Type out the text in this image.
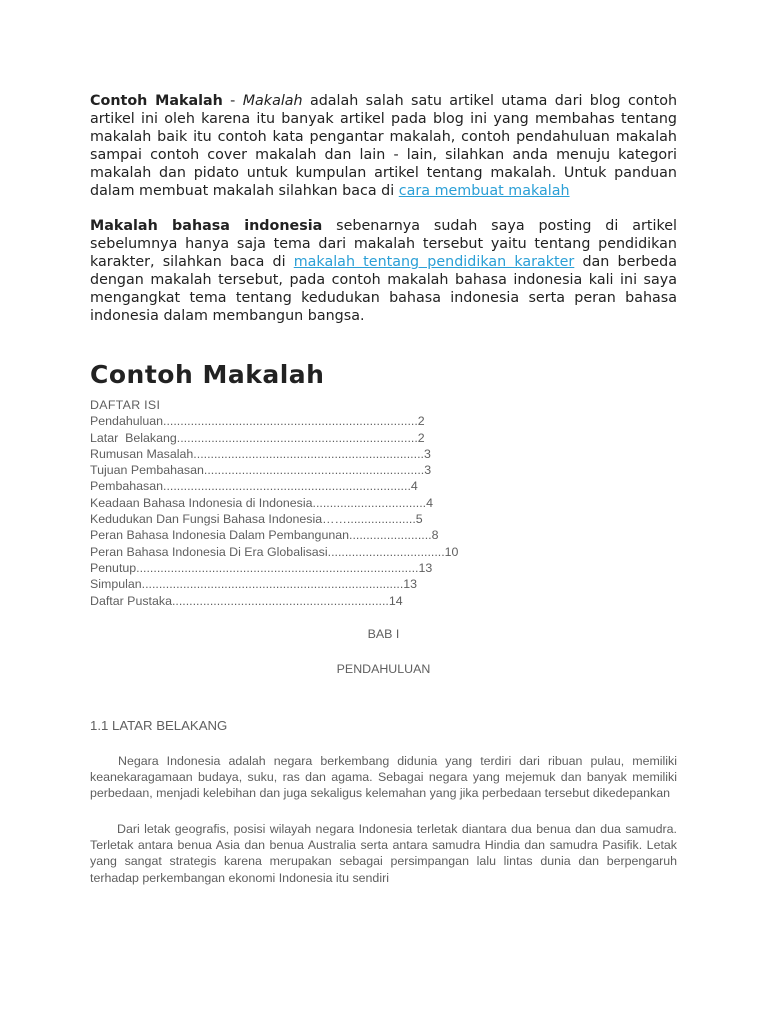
Contoh Makalah - Makalah adalah salah satu artikel utama dari blog contoh artikel ini oleh karena itu banyak artikel pada blog ini yang membahas tentang makalah baik itu contoh kata pengantar makalah, contoh pendahuluan makalah sampai contoh cover makalah dan lain - lain, silahkan anda menuju kategori makalah dan pidato untuk kumpulan artikel tentang makalah. Untuk panduan dalam membuat makalah silahkan baca di cara membuat makalah

Makalah bahasa indonesia sebenarnya sudah saya posting di artikel sebelumnya hanya saja tema dari makalah tersebut yaitu tentang pendidikan karakter, silahkan baca di makalah tentang pendidikan karakter dan berbeda dengan makalah tersebut, pada contoh makalah bahasa indonesia kali ini saya mengangkat tema tentang kedudukan bahasa indonesia serta peran bahasa indonesia dalam membangun bangsa.

Contoh Makalah
DAFTAR ISI
Pendahuluan..........................................................................2
Latar  Belakang......................................................................2
Rumusan Masalah...................................................................3
Tujuan Pembahasan................................................................3
Pembahasan........................................................................4
Keadaan Bahasa Indonesia di Indonesia.................................4
Kedudukan Dan Fungsi Bahasa Indonesia……....................5
Peran Bahasa Indonesia Dalam Pembangunan........................8
Peran Bahasa Indonesia Di Era Globalisasi..................................10
Penutup..................................................................................13
Simpulan............................................................................13
Daftar Pustaka...............................................................14
BAB I
PENDAHULUAN
1.1 LATAR BELAKANG

Negara Indonesia adalah negara berkembang didunia yang terdiri dari ribuan pulau, memiliki keanekaragamaan budaya, suku, ras dan agama. Sebagai negara yang mejemuk dan banyak memiliki perbedaan, menjadi kelebihan dan juga sekaligus kelemahan yang jika perbedaan tersebut dikedepankan

Dari letak geografis, posisi wilayah negara Indonesia terletak diantara dua benua dan dua samudra. Terletak antara benua Asia dan benua Australia serta antara samudra Hindia dan samudra Pasifik. Letak yang sangat strategis karena merupakan sebagai persimpangan lalu lintas dunia dan berpengaruh terhadap perkembangan ekonomi Indonesia itu sendiri
